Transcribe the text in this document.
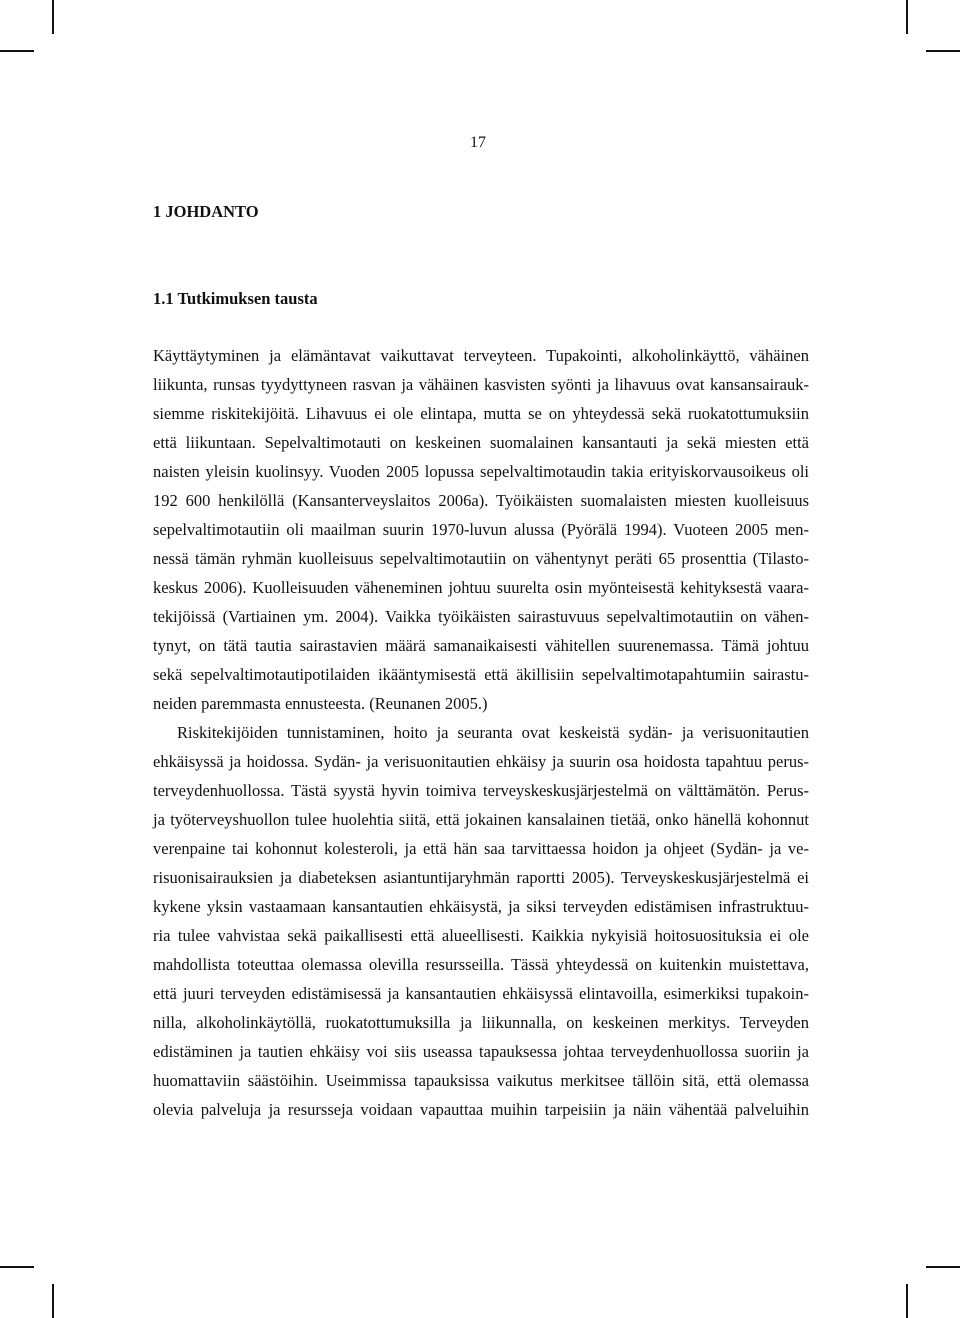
17
1 JOHDANTO
1.1 Tutkimuksen tausta
Käyttäytyminen ja elämäntavat vaikuttavat terveyteen. Tupakointi, alkoholinkäyttö, vähäinen
liikunta, runsas tyydyttyneen rasvan ja vähäinen kasvisten syönti ja lihavuus ovat kansansairauk-
siemme riskitekijöitä. Lihavuus ei ole elintapa, mutta se on yhteydessä sekä ruokatottumuksiin
että liikuntaan. Sepelvaltimotauti on keskeinen suomalainen kansantauti ja sekä miesten että
naisten yleisin kuolinsyy. Vuoden 2005 lopussa sepelvaltimotaudin takia erityiskorvausoikeus oli
192 600 henkilöllä (Kansanterveyslaitos 2006a). Työikäisten suomalaisten miesten kuolleisuus
sepelvaltimotautiin oli maailman suurin 1970-luvun alussa (Pyörälä 1994). Vuoteen 2005 men-
nessä tämän ryhmän kuolleisuus sepelvaltimotautiin on vähentynyt peräti 65 prosenttia (Tilasto-
keskus 2006). Kuolleisuuden väheneminen johtuu suurelta osin myönteisestä kehityksestä vaara-
tekijöissä (Vartiainen ym. 2004). Vaikka työikäisten sairastuvuus sepelvaltimotautiin on vähen-
tynyt, on tätä tautia sairastavien määrä samanaikaisesti vähitellen suurenemassa. Tämä johtuu
sekä sepelvaltimotautipotilaiden ikääntymisestä että äkillisiin sepelvaltimotapahtumiin sairastu-
neiden paremmasta ennusteesta. (Reunanen 2005.)
Riskitekijöiden tunnistaminen, hoito ja seuranta ovat keskeistä sydän- ja verisuonitautien
ehkäisyssä ja hoidossa. Sydän- ja verisuonitautien ehkäisy ja suurin osa hoidosta tapahtuu perus-
terveydenhuollossa. Tästä syystä hyvin toimiva terveyskeskusjärjestelmä on välttämätön. Perus-
ja työterveyshuollon tulee huolehtia siitä, että jokainen kansalainen tietää, onko hänellä kohonnut
verenpaine tai kohonnut kolesteroli, ja että hän saa tarvittaessa hoidon ja ohjeet (Sydän- ja ve-
risuonisairauksien ja diabeteksen asiantuntijaryhmän raportti 2005). Terveyskeskusjärjestelmä ei
kykene yksin vastaamaan kansantautien ehkäisystä, ja siksi terveyden edistämisen infrastruktuu-
ria tulee vahvistaa sekä paikallisesti että alueellisesti. Kaikkia nykyisiä hoitosuosituksia ei ole
mahdollista toteuttaa olemassa olevilla resursseilla. Tässä yhteydessä on kuitenkin muistettava,
että juuri terveyden edistämisessä ja kansantautien ehkäisyssä elintavoilla, esimerkiksi tupakoin-
nilla, alkoholinkäytöllä, ruokatottumuksilla ja liikunnalla, on keskeinen merkitys. Terveyden
edistäminen ja tautien ehkäisy voi siis useassa tapauksessa johtaa terveydenhuollossa suoriin ja
huomattaviin säästöihin. Useimmissa tapauksissa vaikutus merkitsee tällöin sitä, että olemassa
olevia palveluja ja resursseja voidaan vapauttaa muihin tarpeisiin ja näin vähentää palveluihin
